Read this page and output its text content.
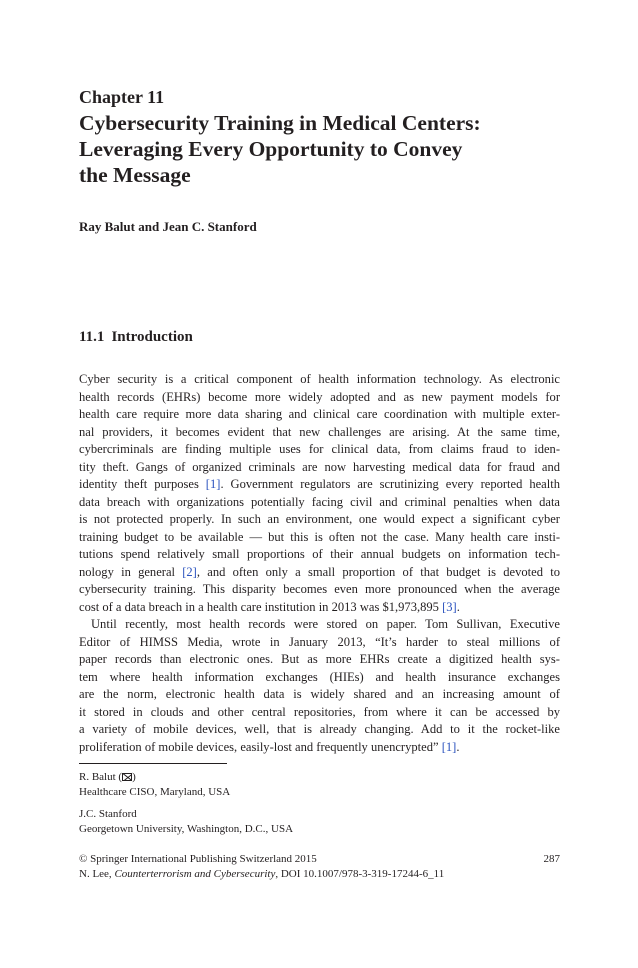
Chapter 11
Cybersecurity Training in Medical Centers:
Leveraging Every Opportunity to Convey
the Message
Ray Balut and Jean C. Stanford
11.1 Introduction
Cyber security is a critical component of health information technology. As electronic
health records (EHRs) become more widely adopted and as new payment models for
health care require more data sharing and clinical care coordination with multiple exter-
nal providers, it becomes evident that new challenges are arising. At the same time,
cybercriminals are finding multiple uses for clinical data, from claims fraud to iden-
tity theft. Gangs of organized criminals are now harvesting medical data for fraud and
identity theft purposes [1]. Government regulators are scrutinizing every reported health
data breach with organizations potentially facing civil and criminal penalties when data
is not protected properly. In such an environment, one would expect a significant cyber
training budget to be available — but this is often not the case. Many health care insti-
tutions spend relatively small proportions of their annual budgets on information tech-
nology in general [2], and often only a small proportion of that budget is devoted to
cybersecurity training. This disparity becomes even more pronounced when the average
cost of a data breach in a health care institution in 2013 was $1,973,895 [3].
Until recently, most health records were stored on paper. Tom Sullivan, Executive
Editor of HIMSS Media, wrote in January 2013, “It’s harder to steal millions of
paper records than electronic ones. But as more EHRs create a digitized health sys-
tem where health information exchanges (HIEs) and health insurance exchanges
are the norm, electronic health data is widely shared and an increasing amount of
it stored in clouds and other central repositories, from where it can be accessed by
a variety of mobile devices, well, that is already changing. Add to it the rocket-like
proliferation of mobile devices, easily-lost and frequently unencrypted” [1].
R. Balut ( )
Healthcare CISO, Maryland, USA
J.C. Stanford
Georgetown University, Washington, D.C., USA
© Springer International Publishing Switzerland 2015	287
N. Lee, Counterterrorism and Cybersecurity, DOI 10.1007/978-3-319-17244-6_11
